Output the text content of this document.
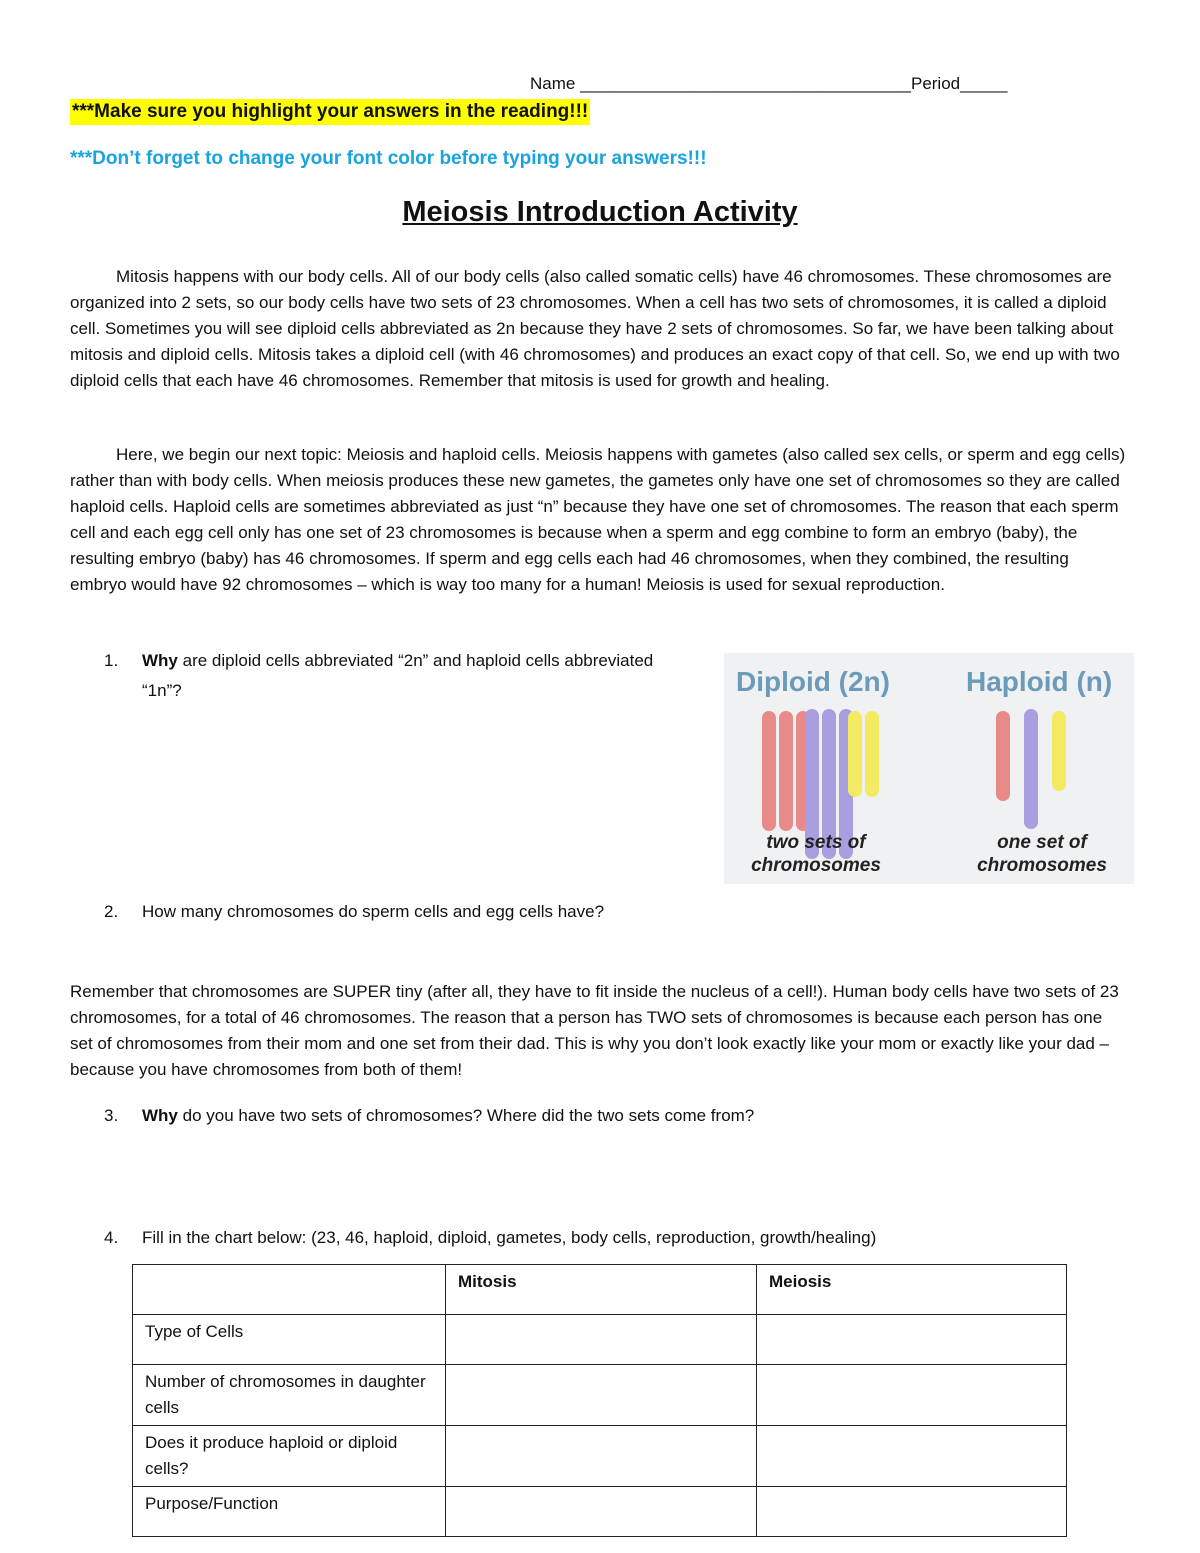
Name ___________________________________Period_____
***Make sure you highlight your answers in the reading!!!
***Don’t forget to change your font color before typing your answers!!!
Meiosis Introduction Activity

Mitosis happens with our body cells. All of our body cells (also called somatic cells) have 46 chromosomes. These chromosomes are organized into 2 sets, so our body cells have two sets of 23 chromosomes. When a cell has two sets of chromosomes, it is called a diploid cell. Sometimes you will see diploid cells abbreviated as 2n because they have 2 sets of chromosomes. So far, we have been talking about mitosis and diploid cells. Mitosis takes a diploid cell (with 46 chromosomes) and produces an exact copy of that cell. So, we end up with two diploid cells that each have 46 chromosomes. Remember that mitosis is used for growth and healing.

Here, we begin our next topic: Meiosis and haploid cells. Meiosis happens with gametes (also called sex cells, or sperm and egg cells) rather than with body cells. When meiosis produces these new gametes, the gametes only have one set of chromosomes so they are called haploid cells. Haploid cells are sometimes abbreviated as just “n” because they have one set of chromosomes. The reason that each sperm cell and each egg cell only has one set of 23 chromosomes is because when a sperm and egg combine to form an embryo (baby), the resulting embryo (baby) has 46 chromosomes. If sperm and egg cells each had 46 chromosomes, when they combined, the resulting embryo would have 92 chromosomes – which is way too many for a human! Meiosis is used for sexual reproduction.

1. Why are diploid cells abbreviated “2n” and haploid cells abbreviated “1n”?	Diploid (2n)	Haploid (n)
two sets of
chromosomes
one set of
chromosomes
2. How many chromosomes do sperm cells and egg cells have?

Remember that chromosomes are SUPER tiny (after all, they have to fit inside the nucleus of a cell!). Human body cells have two sets of 23 chromosomes, for a total of 46 chromosomes. The reason that a person has TWO sets of chromosomes is because each person has one set of chromosomes from their mom and one set from their dad. This is why you don’t look exactly like your mom or exactly like your dad – because you have chromosomes from both of them!

3. Why do you have two sets of chromosomes? Where did the two sets come from?
4. Fill in the chart below: (23, 46, haploid, diploid, gametes, body cells, reproduction, growth/healing)
	Mitosis	Meiosis
Type of Cells		
Number of chromosomes in daughter cells		
Does it produce haploid or diploid cells?		
Purpose/Function		
